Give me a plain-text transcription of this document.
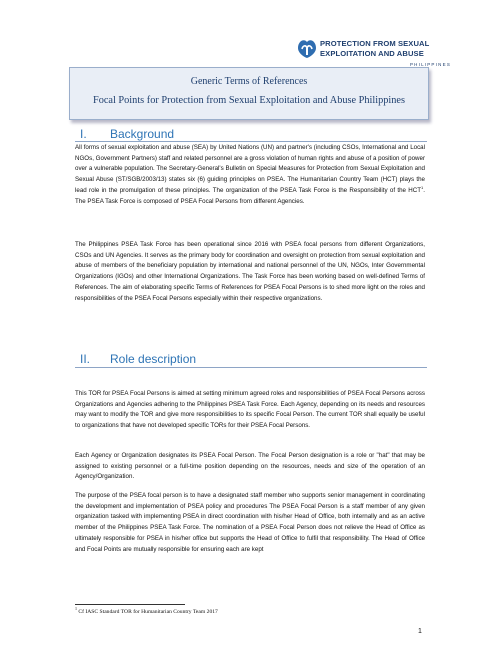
PROTECTION FROM SEXUAL
EXPLOITATION AND ABUSE
P H I L I P P I N E S
Generic Terms of References
Focal Points for Protection from Sexual Exploitation and Abuse Philippines
I. Background
All forms of sexual exploitation and abuse (SEA) by United Nations (UN) and partner's (including CSOs, International and Local NGOs, Government Partners) staff and related personnel are a gross violation of human rights and abuse of a position of power over a vulnerable population. The Secretary-General's Bulletin on Special Measures for Protection from Sexual Exploitation and Sexual Abuse (ST/SGB/2003/13) states six (6) guiding principles on PSEA. The Humanitarian Country Team (HCT) plays the lead role in the promulgation of these principles. The organization of the PSEA Task Force is the Responsibility of the HCT$^1$. The PSEA Task Force is composed of PSEA Focal Persons from different Agencies.
The Philippines PSEA Task Force has been operational since 2016 with PSEA focal persons from different Organizations, CSOs and UN Agencies. It serves as the primary body for coordination and oversight on protection from sexual exploitation and abuse of members of the beneficiary population by international and national personnel of the UN, NGOs, Inter Governmental Organizations (IGOs) and other International Organizations. The Task Force has been working based on well-defined Terms of References. The aim of elaborating specific Terms of References for PSEA Focal Persons is to shed more light on the roles and responsibilities of the PSEA Focal Persons especially within their respective organizations.
II. Role description
This TOR for PSEA Focal Persons is aimed at setting minimum agreed roles and responsibilities of PSEA Focal Persons across Organizations and Agencies adhering to the Philippines PSEA Task Force. Each Agency, depending on its needs and resources may want to modify the TOR and give more responsibilities to its specific Focal Person. The current TOR shall equally be useful to organizations that have not developed specific TORs for their PSEA Focal Persons.
Each Agency or Organization designates its PSEA Focal Person. The Focal Person designation is a role or "hat" that may be assigned to existing personnel or a full-time position depending on the resources, needs and size of the operation of an Agency/Organization.
The purpose of the PSEA focal person is to have a designated staff member who supports senior management in coordinating the development and implementation of PSEA policy and procedures The PSEA Focal Person is a staff member of any given organization tasked with implementing PSEA in direct coordination with his/her Head of Office, both internally and as an active member of the Philippines PSEA Task Force. The nomination of a PSEA Focal Person does not relieve the Head of Office as ultimately responsible for PSEA in his/her office but supports the Head of Office to fulfil that responsibility. The Head of Office and Focal Points are mutually responsible for ensuring each are kept
$^1$ Cf IASC Standard TOR for Humanitarian Country Team 2017
1
